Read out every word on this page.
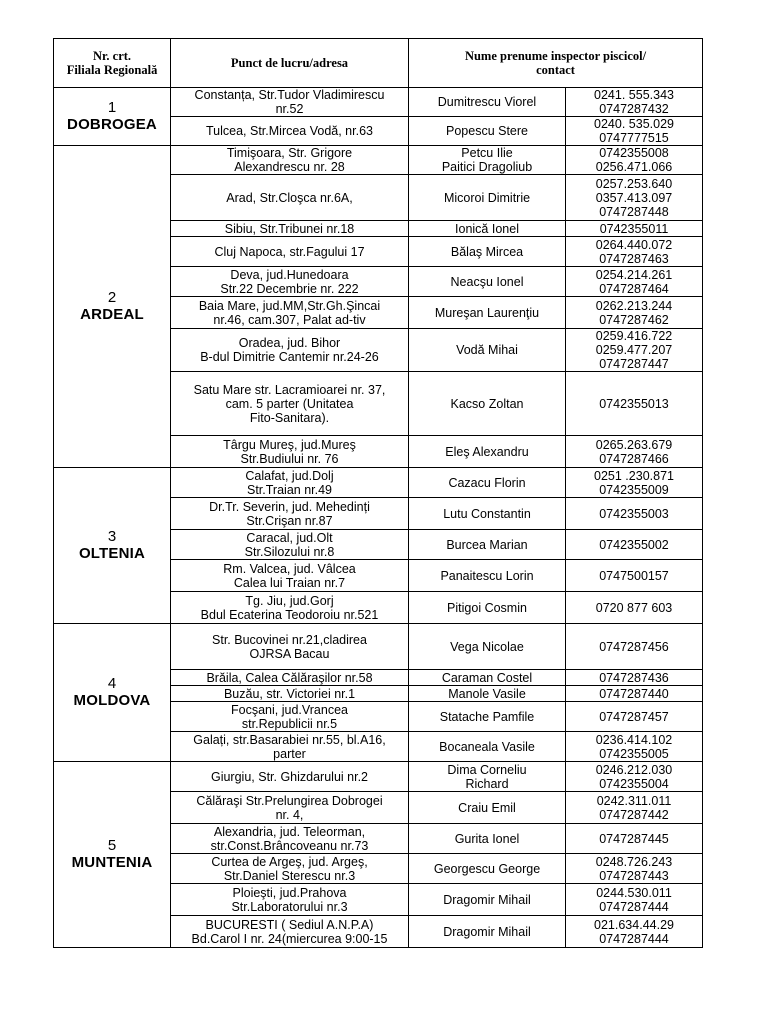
Nr. crt.
Filiala Regională	Punct de lucru/adresa	Nume prenume inspector piscicol/
contact	

1
DOBROGEA	Constanța, Str.Tudor Vladimirescu
nr.52	Dumitrescu Viorel	0241. 555.343
0747287432

	Tulcea, Str.Mircea Vodă, nr.63	Popescu Stere	0240. 535.029
0747777515

2
ARDEAL	Timişoara, Str. Grigore
Alexandrescu nr. 28	Petcu Ilie
Paitici Dragoliub	0742355008
0256.471.066

	Arad, Str.Cloşca nr.6A,	Micoroi Dimitrie	0257.253.640
0357.413.097
0747287448

	Sibiu, Str.Tribunei nr.18	Ionică Ionel	0742355011

	Cluj Napoca, str.Fagului 17	Bălaş Mircea	0264.440.072
0747287463

	Deva, jud.Hunedoara
Str.22 Decembrie nr. 222	Neacşu Ionel	0254.214.261
0747287464

	Baia Mare, jud.MM,Str.Gh.Şincai
nr.46, cam.307, Palat ad-tiv	Mureşan Laurenţiu	0262.213.244
0747287462

	Oradea, jud. Bihor
B-dul Dimitrie Cantemir nr.24-26	Vodă Mihai	0259.416.722
0259.477.207
0747287447

	Satu Mare str. Lacramioarei nr. 37,
cam. 5 parter (Unitatea
Fito-Sanitara).	Kacso Zoltan	0742355013

	Târgu Mureş, jud.Mureş
Str.Budiului nr. 76	Eleş Alexandru	0265.263.679
0747287466

3
OLTENIA	Calafat, jud.Dolj
Str.Traian nr.49	Cazacu Florin	0251 .230.871
0742355009

	Dr.Tr. Severin, jud. Mehedinți
Str.Crişan nr.87	Lutu Constantin	0742355003

	Caracal, jud.Olt
Str.Silozului nr.8	Burcea Marian	0742355002

	Rm. Valcea, jud. Vâlcea
Calea lui Traian nr.7	Panaitescu Lorin	0747500157

	Tg. Jiu, jud.Gorj
Bdul Ecaterina Teodoroiu nr.521	Pitigoi Cosmin	0720 877 603

4
MOLDOVA	Str. Bucovinei nr.21,cladirea
OJRSA Bacau	Vega Nicolae	0747287456

	Brăila, Calea Călăraşilor nr.58	Caraman Costel	0747287436

	Buzău, str. Victoriei nr.1	Manole Vasile	0747287440

	Focşani, jud.Vrancea
str.Republicii nr.5	Statache Pamfile	0747287457

	Galați, str.Basarabiei nr.55, bl.A16,
parter	Bocaneala Vasile	0236.414.102
0742355005

5
MUNTENIA	Giurgiu, Str. Ghizdarului nr.2	Dima Corneliu
Richard	0246.212.030
0742355004

	Călăraşi Str.Prelungirea Dobrogei
nr. 4,	Craiu Emil	0242.311.011
0747287442

	Alexandria, jud. Teleorman,
str.Const.Brâncoveanu nr.73	Gurita Ionel	0747287445

	Curtea de Argeş, jud. Argeş,
Str.Daniel Sterescu nr.3	Georgescu George	0248.726.243
0747287443

	Ploieşti, jud.Prahova
Str.Laboratorului nr.3	Dragomir Mihail	0244.530.011
0747287444

	BUCURESTI ( Sediul A.N.P.A)
Bd.Carol I nr. 24(miercurea 9:00-15	Dragomir Mihail	021.634.44.29
0747287444
